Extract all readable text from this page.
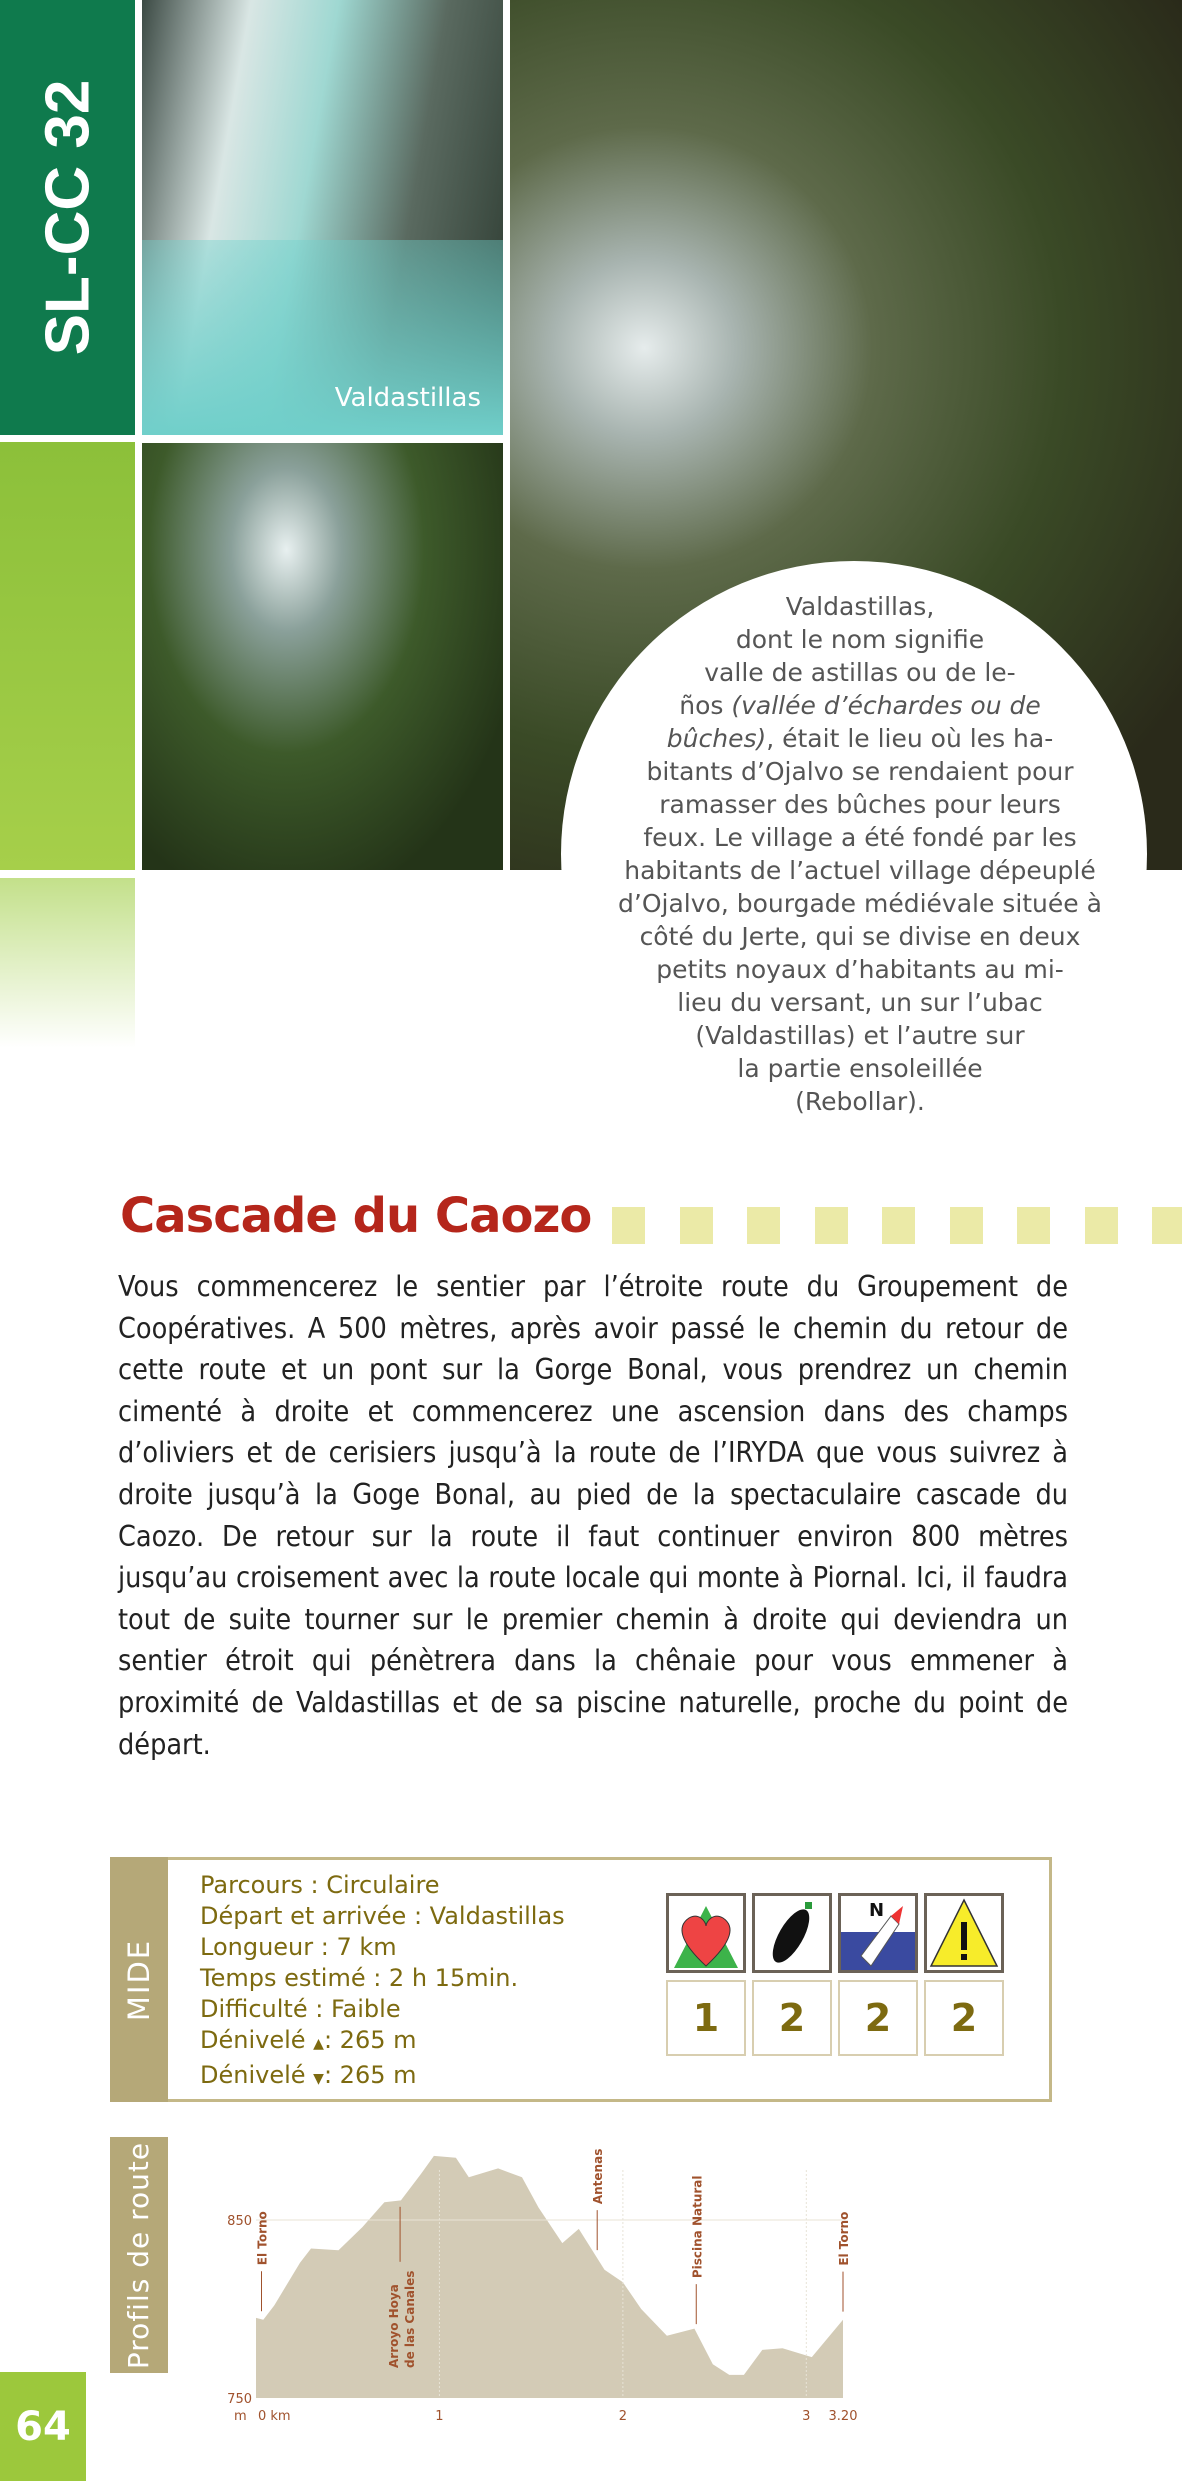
SL-CC 32
Valdastillas
Valdastillas,
dont le nom signifie
valle de astillas ou de le-
ños (vallée d’échardes ou de
bûches), était le lieu où les ha-
bitants d’Ojalvo se rendaient pour
ramasser des bûches pour leurs
feux. Le village a été fondé par les
habitants de l’actuel village dépeuplé
d’Ojalvo, bourgade médiévale située à
côté du Jerte, qui se divise en deux
petits noyaux d’habitants au mi-
lieu du versant, un sur l’ubac
(Valdastillas) et l’autre sur
la partie ensoleillée
(Rebollar).
Cascade du Caozo

Vous commencerez le sentier par l’étroite route du Groupement de Coopératives. A 500 mètres, après avoir passé le chemin du retour de cette route et un pont sur la Gorge Bonal, vous prendrez un chemin cimenté à droite et commencerez une ascension dans des champs d’oliviers et de cerisiers jusqu’à la route de l’IRYDA que vous suivrez à droite jusqu’à la Goge Bonal, au pied de la spectaculaire cascade du Caozo. De retour sur la route il faut continuer environ 800 mètres jusqu’au croisement avec la route locale qui monte à Piornal. Ici, il faudra tout de suite tourner sur le premier chemin à droite qui deviendra un sentier étroit qui pénètrera dans la chênaie pour vous emmener à proximité de Valdastillas et de sa piscine naturelle, proche du point de départ.

MIDE
Parcours : Circulaire
Départ et arrivée : Valdastillas
Longueur : 7 km
Temps estimé : 2 h 15min.
Difficulté : Faible
Dénivelé ▲: 265 m
Dénivelé ▼: 265 m
N
1	2	2	2
Profils de route	850
750
m 0 km	1	2	3 3.20
El Torno
Arroyo Hoya de las Canales
Antenas	Piscina Natural	El Torno
64
